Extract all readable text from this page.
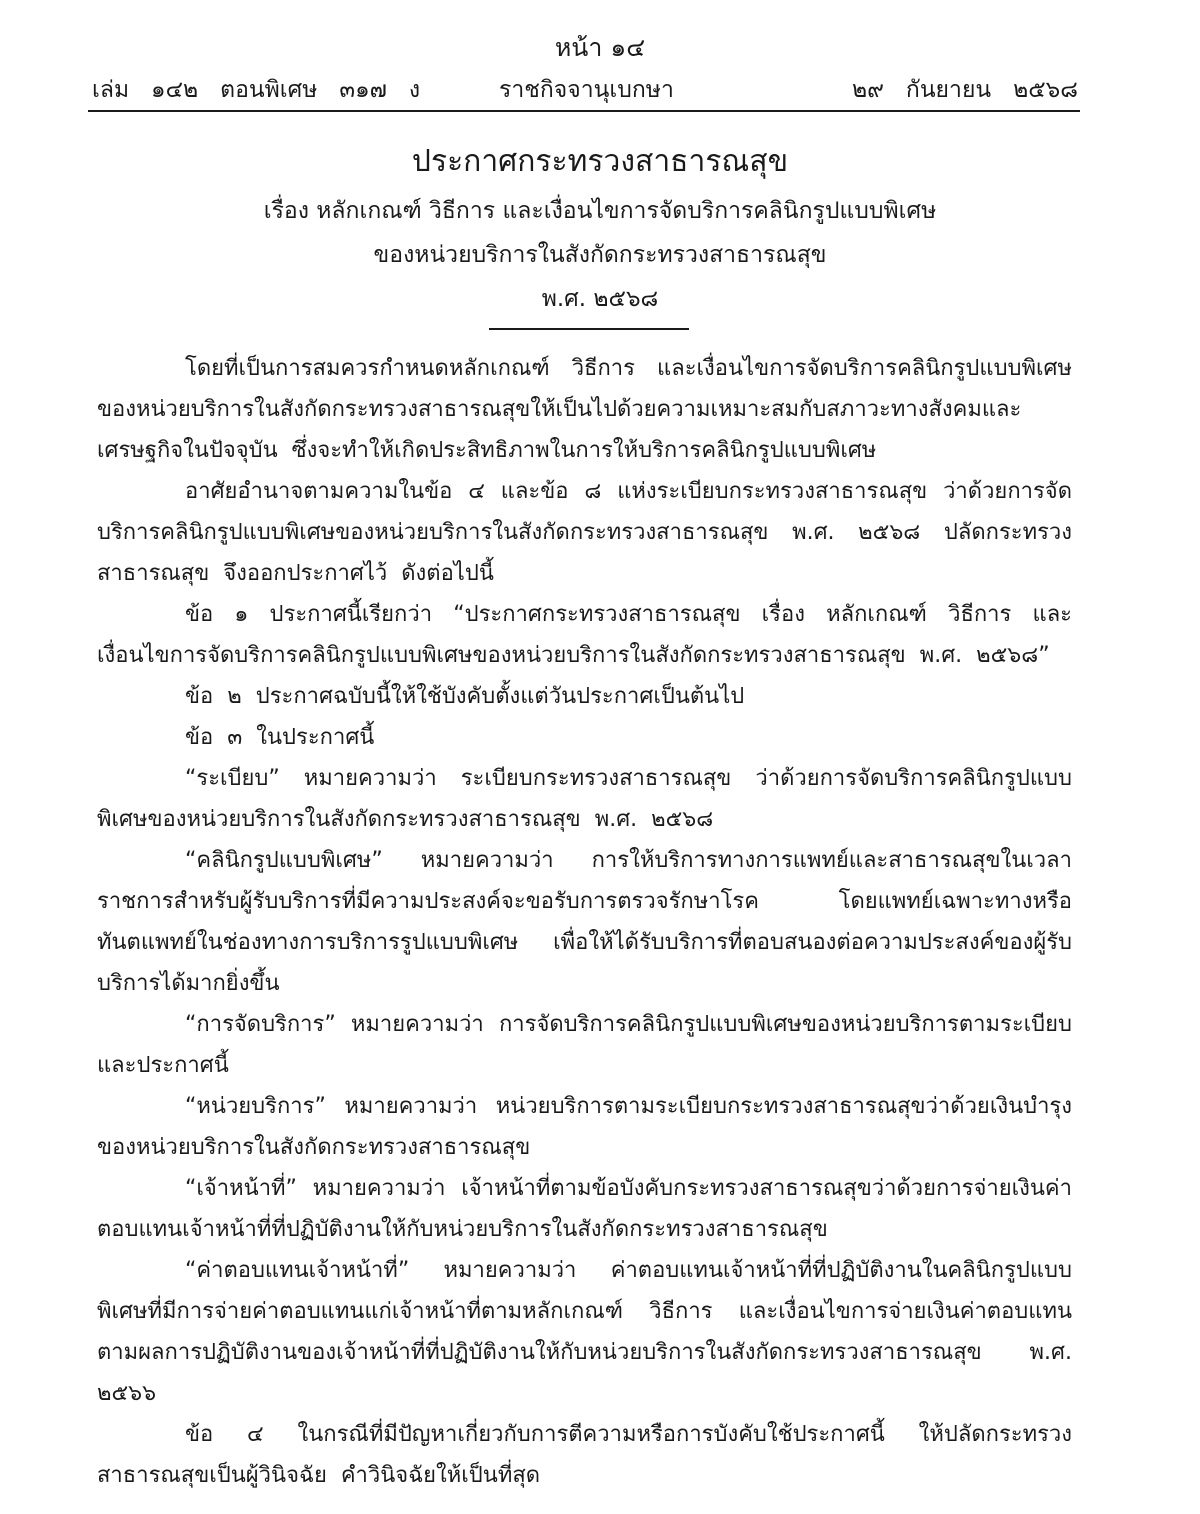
หน้า ๑๔
เล่ม   ๑๔๒   ตอนพิเศษ   ๓๑๗   ง	ราชกิจจานุเบกษา	๒๙   กันยายน   ๒๕๖๘
ประกาศกระทรวงสาธารณสุข
เรื่อง หลักเกณฑ์ วิธีการ และเงื่อนไขการจัดบริการคลินิกรูปแบบพิเศษ
ของหน่วยบริการในสังกัดกระทรวงสาธารณสุข
พ.ศ. ๒๕๖๘

โดยที่เป็นการสมควรกำหนดหลักเกณฑ์  วิธีการ  และเงื่อนไขการจัดบริการคลินิกรูปแบบพิเศษของหน่วยบริการในสังกัดกระทรวงสาธารณสุขให้เป็นไปด้วยความเหมาะสมกับสภาวะทางสังคมและเศรษฐกิจในปัจจุบัน  ซึ่งจะทำให้เกิดประสิทธิภาพในการให้บริการคลินิกรูปแบบพิเศษ

อาศัยอำนาจตามความในข้อ  ๔  และข้อ  ๘  แห่งระเบียบกระทรวงสาธารณสุข  ว่าด้วยการจัดบริการคลินิกรูปแบบพิเศษของหน่วยบริการในสังกัดกระทรวงสาธารณสุข  พ.ศ.  ๒๕๖๘  ปลัดกระทรวงสาธารณสุข  จึงออกประกาศไว้  ดังต่อไปนี้

ข้อ  ๑  ประกาศนี้เรียกว่า  “ประกาศกระทรวงสาธารณสุข  เรื่อง  หลักเกณฑ์  วิธีการ  และเงื่อนไขการจัดบริการคลินิกรูปแบบพิเศษของหน่วยบริการในสังกัดกระทรวงสาธารณสุข  พ.ศ.  ๒๕๖๘”

ข้อ  ๒  ประกาศฉบับนี้ให้ใช้บังคับตั้งแต่วันประกาศเป็นต้นไป

ข้อ  ๓  ในประกาศนี้

“ระเบียบ”  หมายความว่า  ระเบียบกระทรวงสาธารณสุข  ว่าด้วยการจัดบริการคลินิกรูปแบบพิเศษของหน่วยบริการในสังกัดกระทรวงสาธารณสุข  พ.ศ.  ๒๕๖๘

“คลินิกรูปแบบพิเศษ”  หมายความว่า  การให้บริการทางการแพทย์และสาธารณสุขในเวลาราชการสำหรับผู้รับบริการที่มีความประสงค์จะขอรับการตรวจรักษาโรค  โดยแพทย์เฉพาะทางหรือทันตแพทย์ในช่องทางการบริการรูปแบบพิเศษ  เพื่อให้ได้รับบริการที่ตอบสนองต่อความประสงค์ของผู้รับบริการได้มากยิ่งขึ้น

“การจัดบริการ”  หมายความว่า  การจัดบริการคลินิกรูปแบบพิเศษของหน่วยบริการตามระเบียบและประกาศนี้

“หน่วยบริการ”  หมายความว่า  หน่วยบริการตามระเบียบกระทรวงสาธารณสุขว่าด้วยเงินบำรุงของหน่วยบริการในสังกัดกระทรวงสาธารณสุข

“เจ้าหน้าที่”  หมายความว่า  เจ้าหน้าที่ตามข้อบังคับกระทรวงสาธารณสุขว่าด้วยการจ่ายเงินค่าตอบแทนเจ้าหน้าที่ที่ปฏิบัติงานให้กับหน่วยบริการในสังกัดกระทรวงสาธารณสุข

“ค่าตอบแทนเจ้าหน้าที่”  หมายความว่า  ค่าตอบแทนเจ้าหน้าที่ที่ปฏิบัติงานในคลินิกรูปแบบพิเศษที่มีการจ่ายค่าตอบแทนแก่เจ้าหน้าที่ตามหลักเกณฑ์  วิธีการ  และเงื่อนไขการจ่ายเงินค่าตอบแทนตามผลการปฏิบัติงานของเจ้าหน้าที่ที่ปฏิบัติงานให้กับหน่วยบริการในสังกัดกระทรวงสาธารณสุข  พ.ศ.  ๒๕๖๖

ข้อ  ๔  ในกรณีที่มีปัญหาเกี่ยวกับการตีความหรือการบังคับใช้ประกาศนี้  ให้ปลัดกระทรวงสาธารณสุขเป็นผู้วินิจฉัย  คำวินิจฉัยให้เป็นที่สุด
